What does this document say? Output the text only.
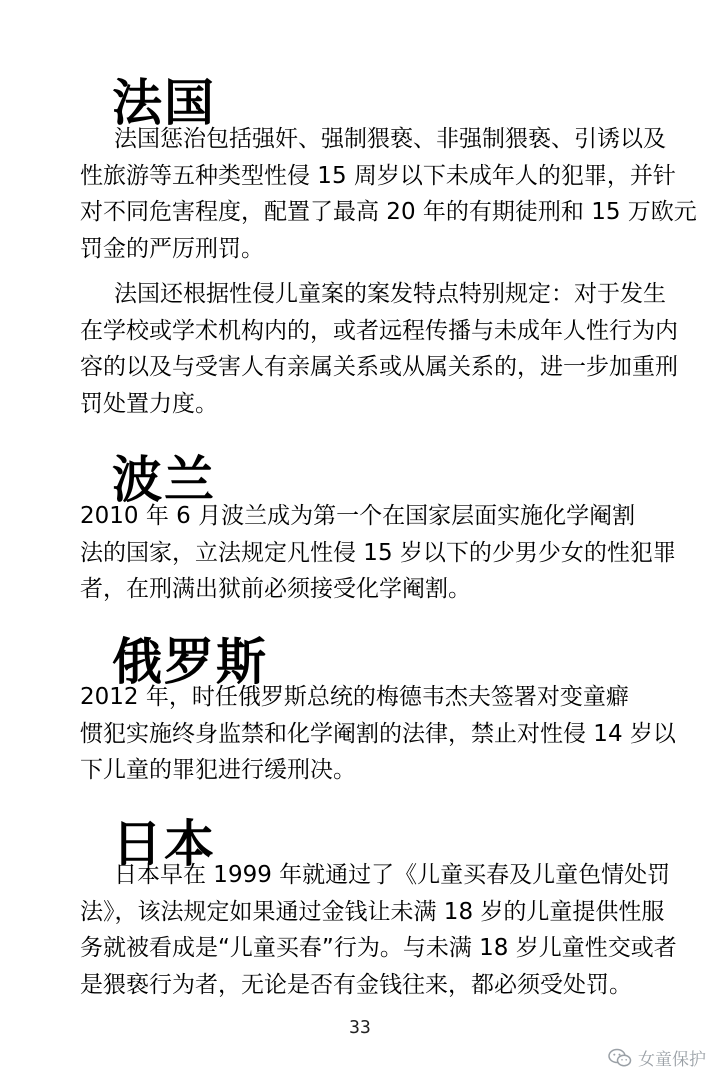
法国

法国惩治包括强奸、强制猥亵、非强制猥亵、引诱以及
性旅游等五种类型性侵 15 周岁以下未成年人的犯罪，并针
对不同危害程度，配置了最高 20 年的有期徒刑和 15 万欧元
罚金的严厉刑罚。

法国还根据性侵儿童案的案发特点特别规定：对于发生
在学校或学术机构内的，或者远程传播与未成年人性行为内
容的以及与受害人有亲属关系或从属关系的，进一步加重刑
罚处置力度。

波兰

2010 年 6 月波兰成为第一个在国家层面实施化学阉割
法的国家，立法规定凡性侵 15 岁以下的少男少女的性犯罪
者，在刑满出狱前必须接受化学阉割。

俄罗斯

2012 年，时任俄罗斯总统的梅德韦杰夫签署对变童癖
惯犯实施终身监禁和化学阉割的法律，禁止对性侵 14 岁以
下儿童的罪犯进行缓刑决。

日本

日本早在 1999 年就通过了《儿童买春及儿童色情处罚
法》，该法规定如果通过金钱让未满 18 岁的儿童提供性服
务就被看成是“儿童买春”行为。与未满 18 岁儿童性交或者
是猥亵行为者，无论是否有金钱往来，都必须受处罚。

33
女童保护
